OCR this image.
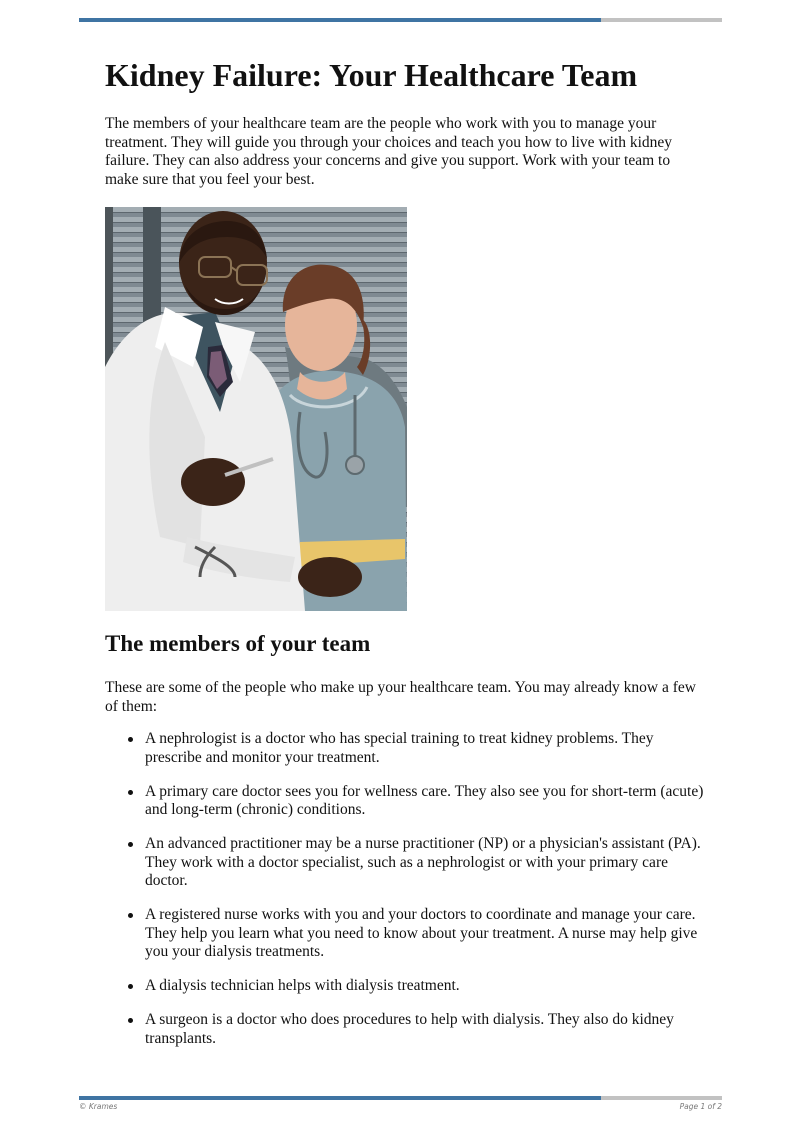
Kidney Failure: Your Healthcare Team

The members of your healthcare team are the people who work with you to manage your treatment. They will guide you through your choices and teach you how to live with kidney failure. They can also address your concerns and give you support. Work with your team to make sure that you feel your best.

The members of your team

These are some of the people who make up your healthcare team. You may already know a few of them:

A nephrologist is a doctor who has special training to treat kidney problems. They prescribe and monitor your treatment.
A primary care doctor sees you for wellness care. They also see you for short-term (acute) and long-term (chronic) conditions.
An advanced practitioner may be a nurse practitioner (NP) or a physician's assistant (PA). They work with a doctor specialist, such as a nephrologist or with your primary care doctor.
A registered nurse works with you and your doctors to coordinate and manage your care. They help you learn what you need to know about your treatment. A nurse may help give you your dialysis treatments.
A dialysis technician helps with dialysis treatment.
A surgeon is a doctor who does procedures to help with dialysis. They also do kidney transplants.
© Krames	Page 1 of 2
